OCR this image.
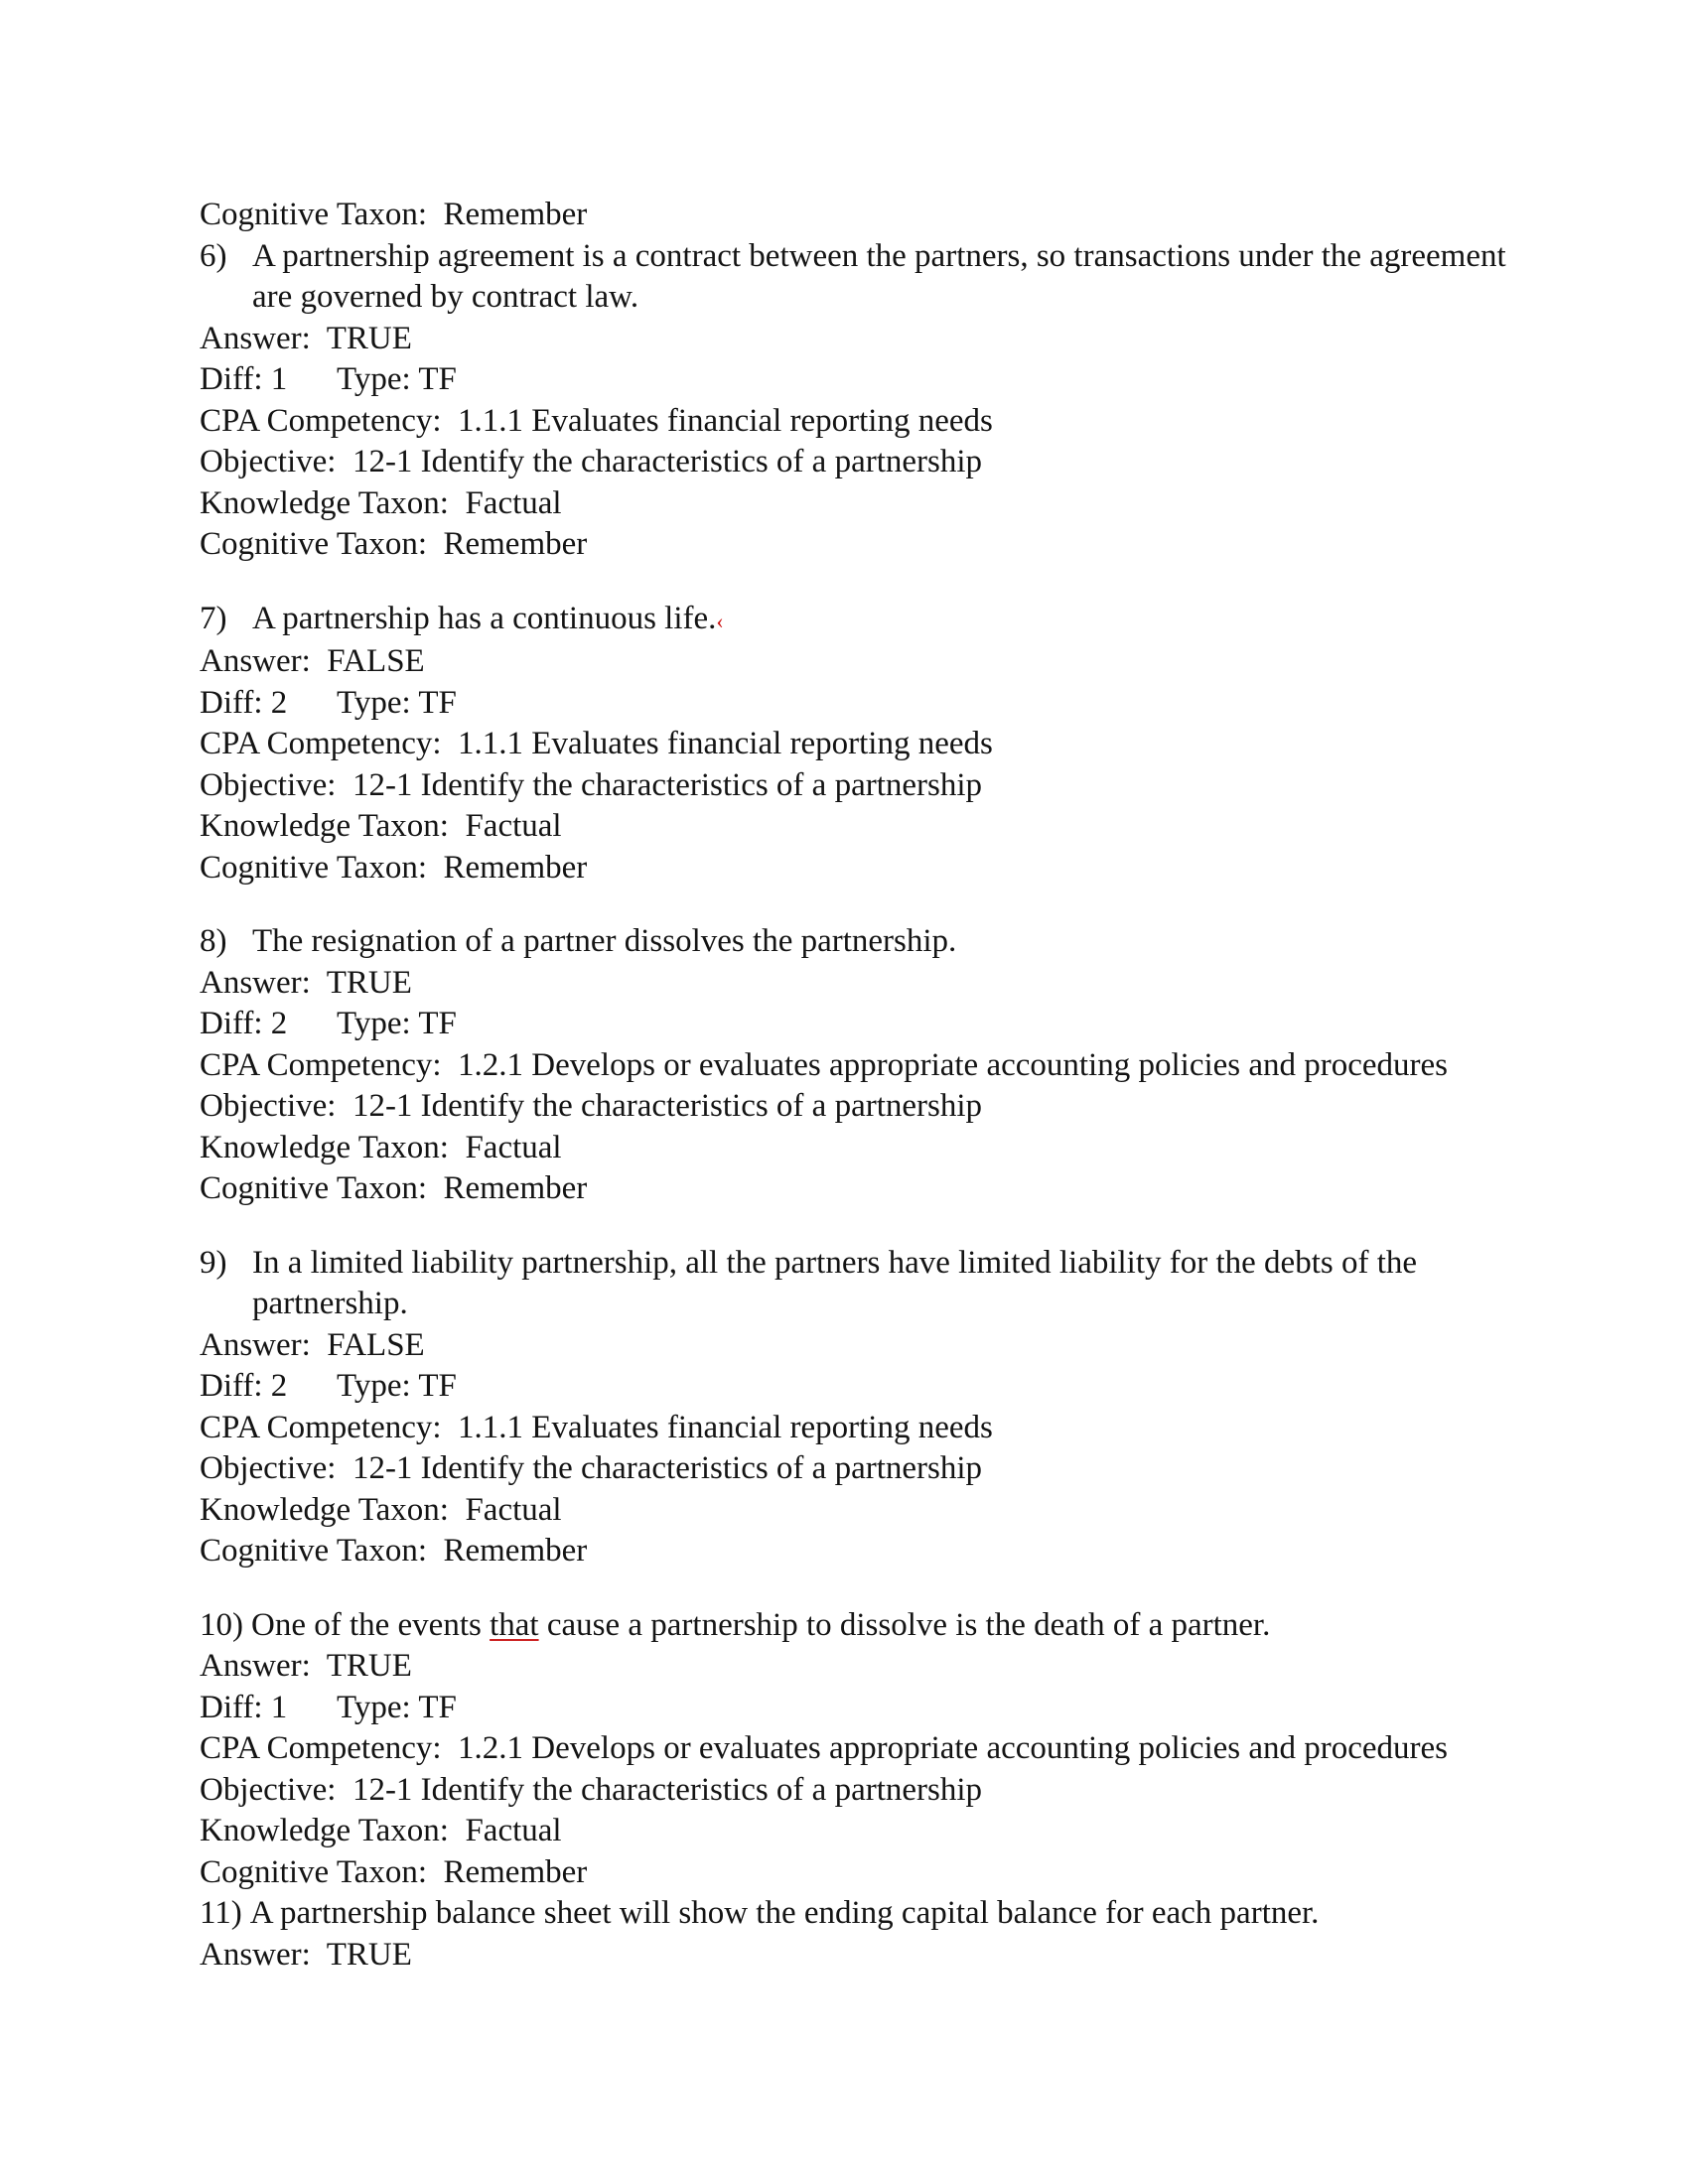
Cognitive Taxon:  Remember
6) A partnership agreement is a contract between the partners, so transactions under the agreement are governed by contract law.
Answer:  TRUE
Diff: 1	Type: TF
CPA Competency:  1.1.1 Evaluates financial reporting needs
Objective:  12-1 Identify the characteristics of a partnership
Knowledge Taxon:  Factual
Cognitive Taxon:  Remember
7) A partnership has a continuous life.‹
Answer:  FALSE
Diff: 2	Type: TF
CPA Competency:  1.1.1 Evaluates financial reporting needs
Objective:  12-1 Identify the characteristics of a partnership
Knowledge Taxon:  Factual
Cognitive Taxon:  Remember
8) The resignation of a partner dissolves the partnership.
Answer:  TRUE
Diff: 2	Type: TF
CPA Competency:  1.2.1 Develops or evaluates appropriate accounting policies and procedures
Objective:  12-1 Identify the characteristics of a partnership
Knowledge Taxon:  Factual
Cognitive Taxon:  Remember
9) In a limited liability partnership, all the partners have limited liability for the debts of the partnership.
Answer:  FALSE
Diff: 2	Type: TF
CPA Competency:  1.1.1 Evaluates financial reporting needs
Objective:  12-1 Identify the characteristics of a partnership
Knowledge Taxon:  Factual
Cognitive Taxon:  Remember
10) One of the events that cause a partnership to dissolve is the death of a partner.
Answer:  TRUE
Diff: 1	Type: TF
CPA Competency:  1.2.1 Develops or evaluates appropriate accounting policies and procedures
Objective:  12-1 Identify the characteristics of a partnership
Knowledge Taxon:  Factual
Cognitive Taxon:  Remember
11) A partnership balance sheet will show the ending capital balance for each partner.
Answer:  TRUE
